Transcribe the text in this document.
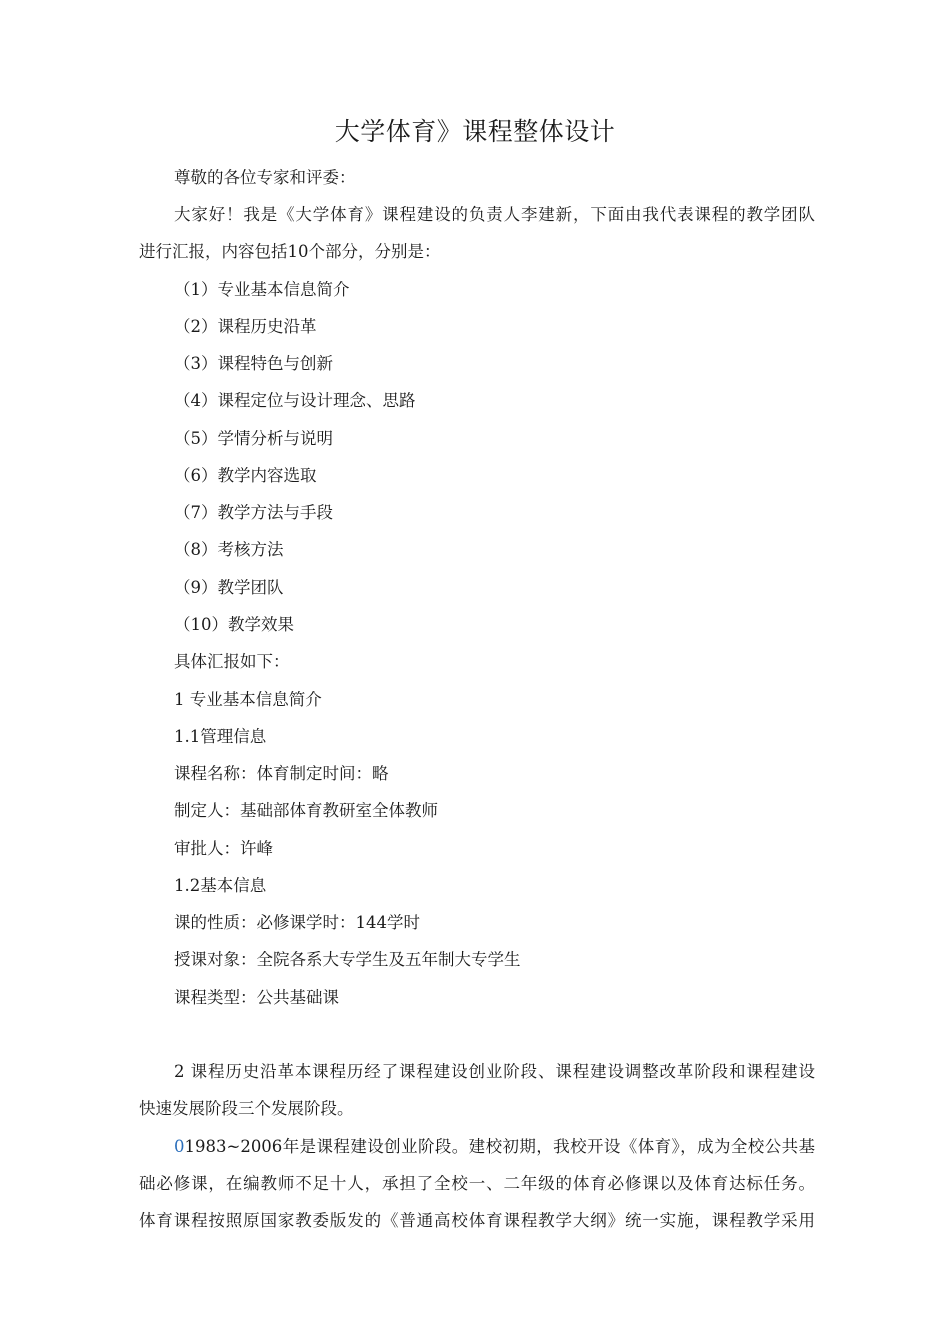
大学体育》课程整体设计
尊敬的各位专家和评委：
大家好！我是《大学体育》课程建设的负责人李建新，下面由我代表课程的教学团队
进行汇报，内容包括10个部分，分别是：
（1）专业基本信息简介
（2）课程历史沿革
（3）课程特色与创新
（4）课程定位与设计理念、思路
（5）学情分析与说明
（6）教学内容选取
（7）教学方法与手段
（8）考核方法
（9）教学团队
（10）教学效果
具体汇报如下：
1 专业基本信息简介
1.1管理信息
课程名称：体育制定时间：略
制定人：基础部体育教研室全体教师
审批人：许峰
1.2基本信息
课的性质：必修课学时：144学时
授课对象：全院各系大专学生及五年制大专学生
课程类型：公共基础课
2 课程历史沿革本课程历经了课程建设创业阶段、课程建设调整改革阶段和课程建设
快速发展阶段三个发展阶段。
0 1983~2006年是课程建设创业阶段。建校初期，我校开设《体育》，成为全校公共基
础必修课，在编教师不足十人，承担了全校一、二年级的体育必修课以及体育达标任务。
体育课程按照原国家教委版发的《普通高校体育课程教学大纲》统一实施，课程教学采用
